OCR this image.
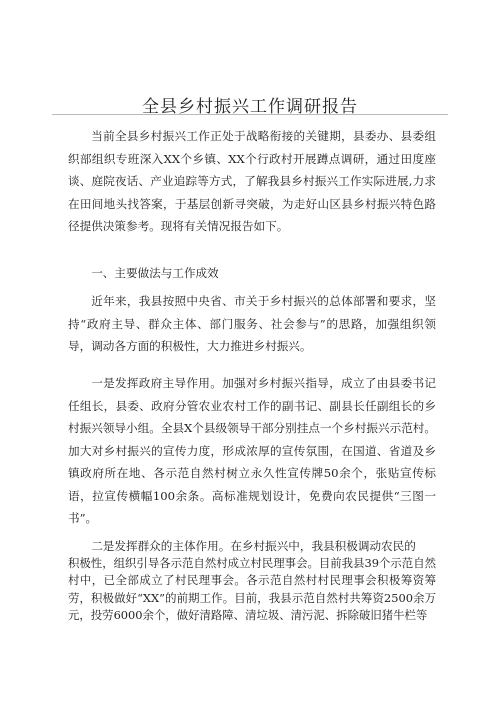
全县乡村振兴工作调研报告

当前全县乡村振兴工作正处于战略衔接的关键期，县委办、县委组织部组织专班深入XX个乡镇、XX个行政村开展蹲点调研，通过田度座谈、庭院夜话、产业追踪等方式，了解我县乡村振兴工作实际进展,力求在田间地头找答案，于基层创新寻突破，为走好山区县乡村振兴特色路径提供决策参考。现将有关情况报告如下。

一、主要做法与工作成效

近年来，我县按照中央省、市关于乡村振兴的总体部署和要求，坚持“政府主导、群众主体、部门服务、社会参与”的思路，加强组织领导，调动各方面的积极性，大力推进乡村振兴。

一是发挥政府主导作用。加强对乡村振兴指导，成立了由县委书记任组长，县委、政府分管农业农村工作的副书记、副县长任副组长的乡村振兴领导小组。全县X个县级领导干部分别挂点一个乡村振兴示范村。加大对乡村振兴的宣传力度，形成浓厚的宣传氛围，在国道、省道及乡镇政府所在地、各示范自然村树立永久性宣传牌50余个，张贴宣传标语，拉宣传横幅100余条。高标准规划设计，免费向农民提供“三图一书”。

二是发挥群众的主体作用。在乡村振兴中，我县积极调动农民的

积极性，组织引导各示范自然村成立村民理事会。目前我县39个示范自然村中，已全部成立了村民理事会。各示范自然村村民理事会积极筹资筹劳，积极做好“XX”的前期工作。目前，我县示范自然村共筹资2500余万元，投劳6000余个，做好清路障、清垃圾、清污泥、拆除破旧猪牛栏等
